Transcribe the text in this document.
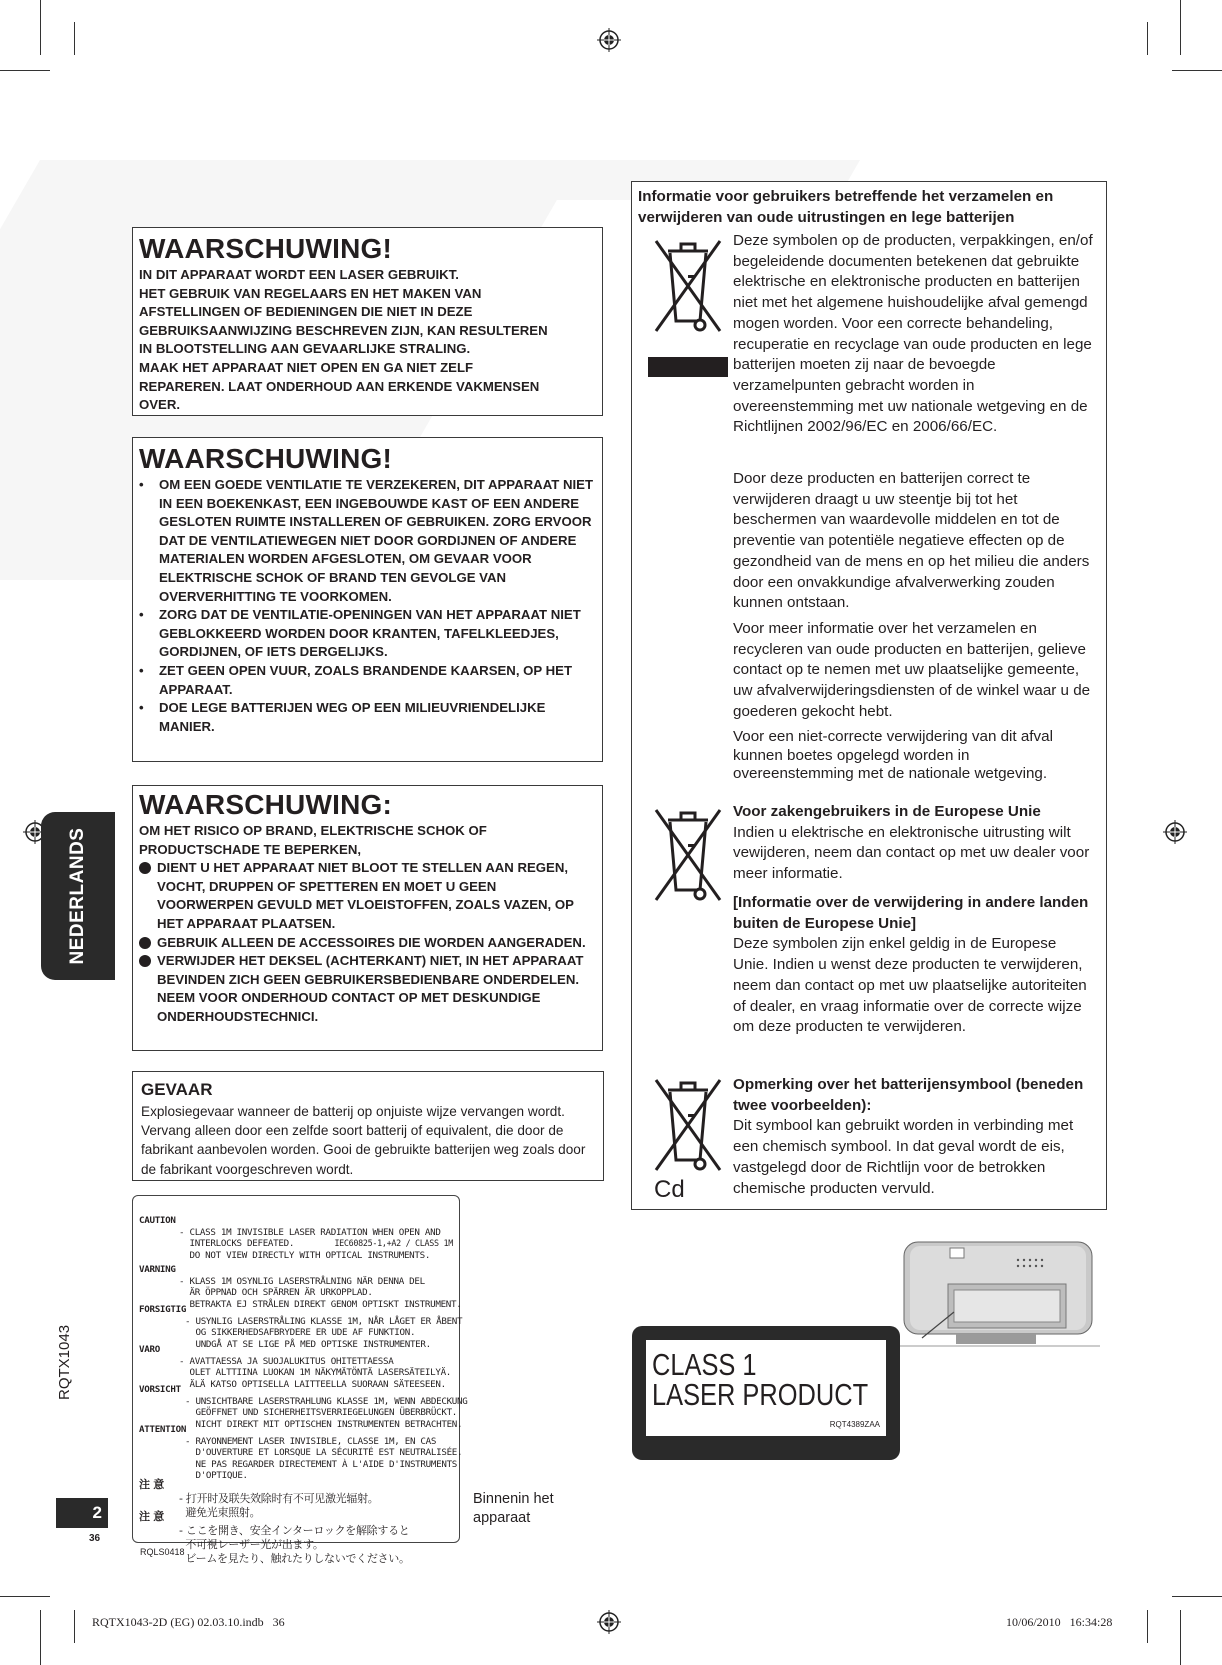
NEDERLANDS
RQTX1043
2
36
WAARSCHUWING!
IN DIT APPARAAT WORDT EEN LASER GEBRUIKT.
HET GEBRUIK VAN REGELAARS EN HET MAKEN VAN
AFSTELLINGEN OF BEDIENINGEN DIE NIET IN DEZE
GEBRUIKSAANWIJZING BESCHREVEN ZIJN, KAN RESULTEREN
IN BLOOTSTELLING AAN GEVAARLIJKE STRALING.
MAAK HET APPARAAT NIET OPEN EN GA NIET ZELF
REPAREREN. LAAT ONDERHOUD AAN ERKENDE VAKMENSEN
OVER.
WAARSCHUWING!
• OM EEN GOEDE VENTILATIE TE VERZEKEREN, DIT APPARAAT NIET IN EEN BOEKENKAST, EEN INGEBOUWDE KAST OF EEN ANDERE GESLOTEN RUIMTE INSTALLEREN OF GEBRUIKEN. ZORG ERVOOR DAT DE VENTILATIEWEGEN NIET DOOR GORDIJNEN OF ANDERE MATERIALEN WORDEN AFGESLOTEN, OM GEVAAR VOOR ELEKTRISCHE SCHOK OF BRAND TEN GEVOLGE VAN OVERVERHITTING TE VOORKOMEN.
• ZORG DAT DE VENTILATIE-OPENINGEN VAN HET APPARAAT NIET GEBLOKKEERD WORDEN DOOR KRANTEN, TAFELKLEEDJES, GORDIJNEN, OF IETS DERGELIJKS.
• ZET GEEN OPEN VUUR, ZOALS BRANDENDE KAARSEN, OP HET APPARAAT.
• DOE LEGE BATTERIJEN WEG OP EEN MILIEUVRIENDELIJKE MANIER.
WAARSCHUWING:
OM HET RISICO OP BRAND, ELEKTRISCHE SCHOK OF PRODUCTSCHADE TE BEPERKEN,
DIENT U HET APPARAAT NIET BLOOT TE STELLEN AAN REGEN, VOCHT, DRUPPEN OF SPETTEREN EN MOET U GEEN VOORWERPEN GEVULD MET VLOEISTOFFEN, ZOALS VAZEN, OP HET APPARAAT PLAATSEN.
GEBRUIK ALLEEN DE ACCESSOIRES DIE WORDEN AANGERADEN.
VERWIJDER HET DEKSEL (ACHTERKANT) NIET, IN HET APPARAAT BEVINDEN ZICH GEEN GEBRUIKERSBEDIENBARE ONDERDELEN. NEEM VOOR ONDERHOUD CONTACT OP MET DESKUNDIGE ONDERHOUDSTECHNICI.
GEVAAR
Explosiegevaar wanneer de batterij op onjuiste wijze vervangen wordt. Vervang alleen door een zelfde soort batterij of equivalent, die door de fabrikant aanbevolen worden. Gooi de gebruikte batterijen weg zoals door de fabrikant voorgeschreven wordt.

CAUTION

- CLASS 1M INVISIBLE LASER RADIATION WHEN OPEN AND
INTERLOCKS DEFEATED.
DO NOT VIEW DIRECTLY WITH OPTICAL INSTRUMENTS.

IEC60825-1,+A2 / CLASS 1M

VARNING

- KLASS 1M OSYNLIG LASERSTRÅLNING NÄR DENNA DEL
ÄR ÖPPNAD OCH SPÄRREN ÄR URKOPPLAD.
BETRAKTA EJ STRÅLEN DIREKT GENOM OPTISKT INSTRUMENT.

FORSIGTIG

- USYNLIG LASERSTRÅLING KLASSE 1M, NÅR LÅGET ER ÅBENT
OG SIKKERHEDSAFBRYDERE ER UDE AF FUNKTION.
UNDGÅ AT SE LIGE PÅ MED OPTISKE INSTRUMENTER.

VARO

- AVATTAESSA JA SUOJALUKITUS OHITETTAESSA
OLET ALTTIINA LUOKAN 1M NÄKYMÄTÖNTÄ LASERSÄTEILYÄ.
ÄLÄ KATSO OPTISELLA LAITTEELLA SUORAAN SÄTEESEEN.

VORSICHT

- UNSICHTBARE LASERSTRAHLUNG KLASSE 1M, WENN ABDECKUNG
GEÖFFNET UND SICHERHEITSVERRIEGELUNGEN ÜBERBRÜCKT.
NICHT DIREKT MIT OPTISCHEN INSTRUMENTEN BETRACHTEN.

ATTENTION

- RAYONNEMENT LASER INVISIBLE, CLASSE 1M, EN CAS
D'OUVERTURE ET LORSQUE LA SÉCURITÉ EST NEUTRALISÉE.
NE PAS REGARDER DIRECTEMENT À L'AIDE D'INSTRUMENTS
D'OPTIQUE.

注 意

- 打开时及联失效除时有不可见激光辐射。
避免光束照射。

注 意

- ここを開き、安全インターロックを解除すると
不可視レーザー光が出ます。
ビームを見たり、触れたりしないでください。

RQLS0418
Binnenin het apparaat
Informatie voor gebruikers betreffende het verzamelen en verwijderen van oude uitrustingen en lege batterijen
Deze symbolen op de producten, verpakkingen, en/of begeleidende documenten betekenen dat gebruikte elektrische en elektronische producten en batterijen niet met het algemene huishoudelijke afval gemengd mogen worden. Voor een correcte behandeling, recuperatie en recyclage van oude producten en lege batterijen moeten zij naar de bevoegde verzamelpunten gebracht worden in overeenstemming met uw nationale wetgeving en de Richtlijnen 2002/96/EC en 2006/66/EC.
Door deze producten en batterijen correct te verwijderen draagt u uw steentje bij tot het beschermen van waardevolle middelen en tot de preventie van potentiële negatieve effecten op de gezondheid van de mens en op het milieu die anders door een onvakkundige afvalverwerking zouden kunnen ontstaan.
Voor meer informatie over het verzamelen en recycleren van oude producten en batterijen, gelieve contact op te nemen met uw plaatselijke gemeente, uw afvalverwijderingsdiensten of de winkel waar u de goederen gekocht hebt.
Voor een niet-correcte verwijdering van dit afval kunnen boetes opgelegd worden in overeenstemming met de nationale wetgeving.
Voor zakengebruikers in de Europese Unie
Indien u elektrische en elektronische uitrusting wilt vewijderen, neem dan contact op met uw dealer voor meer informatie.
[Informatie over de verwijdering in andere landen buiten de Europese Unie]
Deze symbolen zijn enkel geldig in de Europese Unie. Indien u wenst deze producten te verwijderen, neem dan contact op met uw plaatselijke autoriteiten of dealer, en vraag informatie over de correcte wijze om deze producten te verwijderen.
Cd
Opmerking over het batterijensymbool (beneden twee voorbeelden):
Dit symbool kan gebruikt worden in verbinding met een chemisch symbool. In dat geval wordt de eis, vastgelegd door de Richtlijn voor de betrokken chemische producten vervuld.
CLASS 1
LASER PRODUCT
RQT4389ZAA
RQTX1043-2D (EG) 02.03.10.indb   36	10/06/2010   16:34:28
